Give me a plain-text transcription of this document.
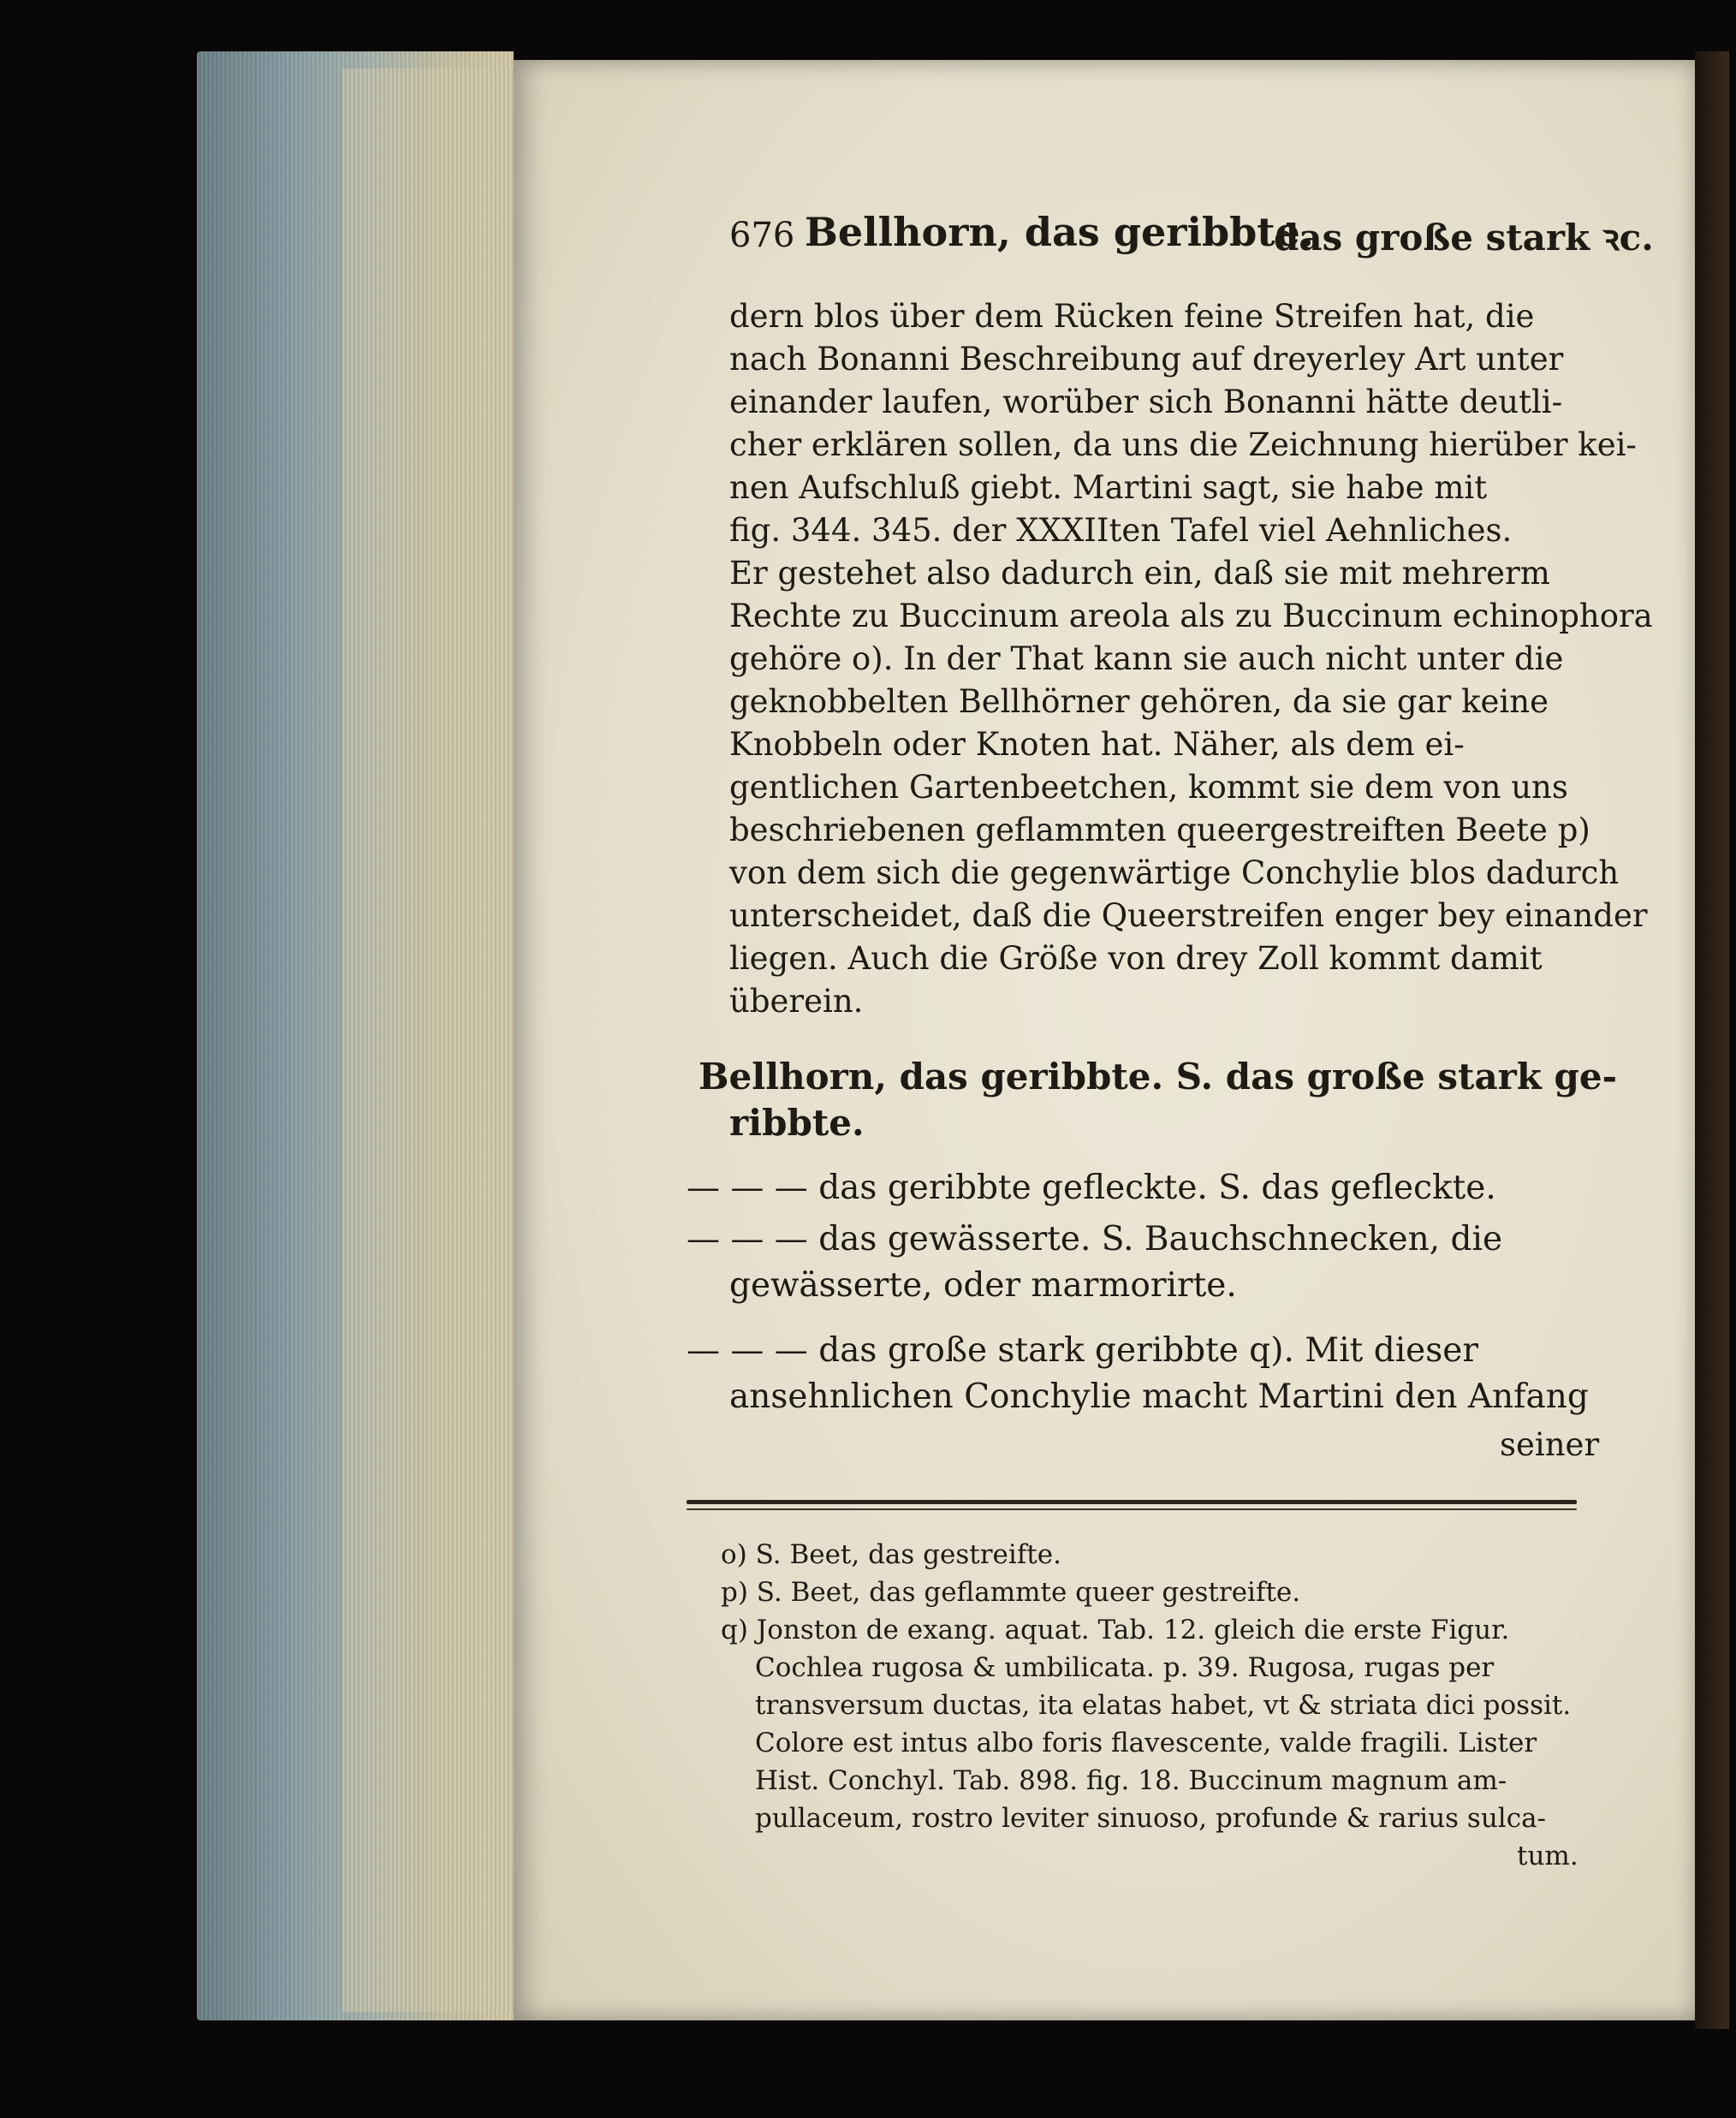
676 Bellhorn, das geribbte.
das große stark ꝛc.
dern blos über dem Rücken feine Streifen hat, die
nach Bonanni Beschreibung auf dreyerley Art unter
einander laufen, worüber sich Bonanni hätte deutli-
cher erklären sollen, da uns die Zeichnung hierüber kei-
nen Aufschluß giebt. Martini sagt, sie habe mit
fig. 344. 345. der XXXIIten Tafel viel Aehnliches.
Er gestehet also dadurch ein, daß sie mit mehrerm
Rechte zu Buccinum areola als zu Buccinum echinophora
gehöre o). In der That kann sie auch nicht unter die
geknobbelten Bellhörner gehören, da sie gar keine
Knobbeln oder Knoten hat. Näher, als dem ei-
gentlichen Gartenbeetchen, kommt sie dem von uns
beschriebenen geflammten queergestreiften Beete p)
von dem sich die gegenwärtige Conchylie blos dadurch
unterscheidet, daß die Queerstreifen enger bey einander
liegen. Auch die Größe von drey Zoll kommt damit
überein.
Bellhorn, das geribbte. S. das große stark ge-
ribbte.
— — — das geribbte gefleckte. S. das gefleckte.
— — — das gewässerte. S. Bauchschnecken, die
gewässerte, oder marmorirte.
— — — das große stark geribbte q). Mit dieser
ansehnlichen Conchylie macht Martini den Anfang
seiner
o) S. Beet, das gestreifte.
p) S. Beet, das geflammte queer gestreifte.
q) Jonston de exang. aquat. Tab. 12. gleich die erste Figur.
Cochlea rugosa & umbilicata. p. 39. Rugosa, rugas per
transversum ductas, ita elatas habet, vt & striata dici possit.
Colore est intus albo foris flavescente, valde fragili. Lister
Hist. Conchyl. Tab. 898. fig. 18. Buccinum magnum am-
pullaceum, rostro leviter sinuoso, profunde & rarius sulca-
tum.
